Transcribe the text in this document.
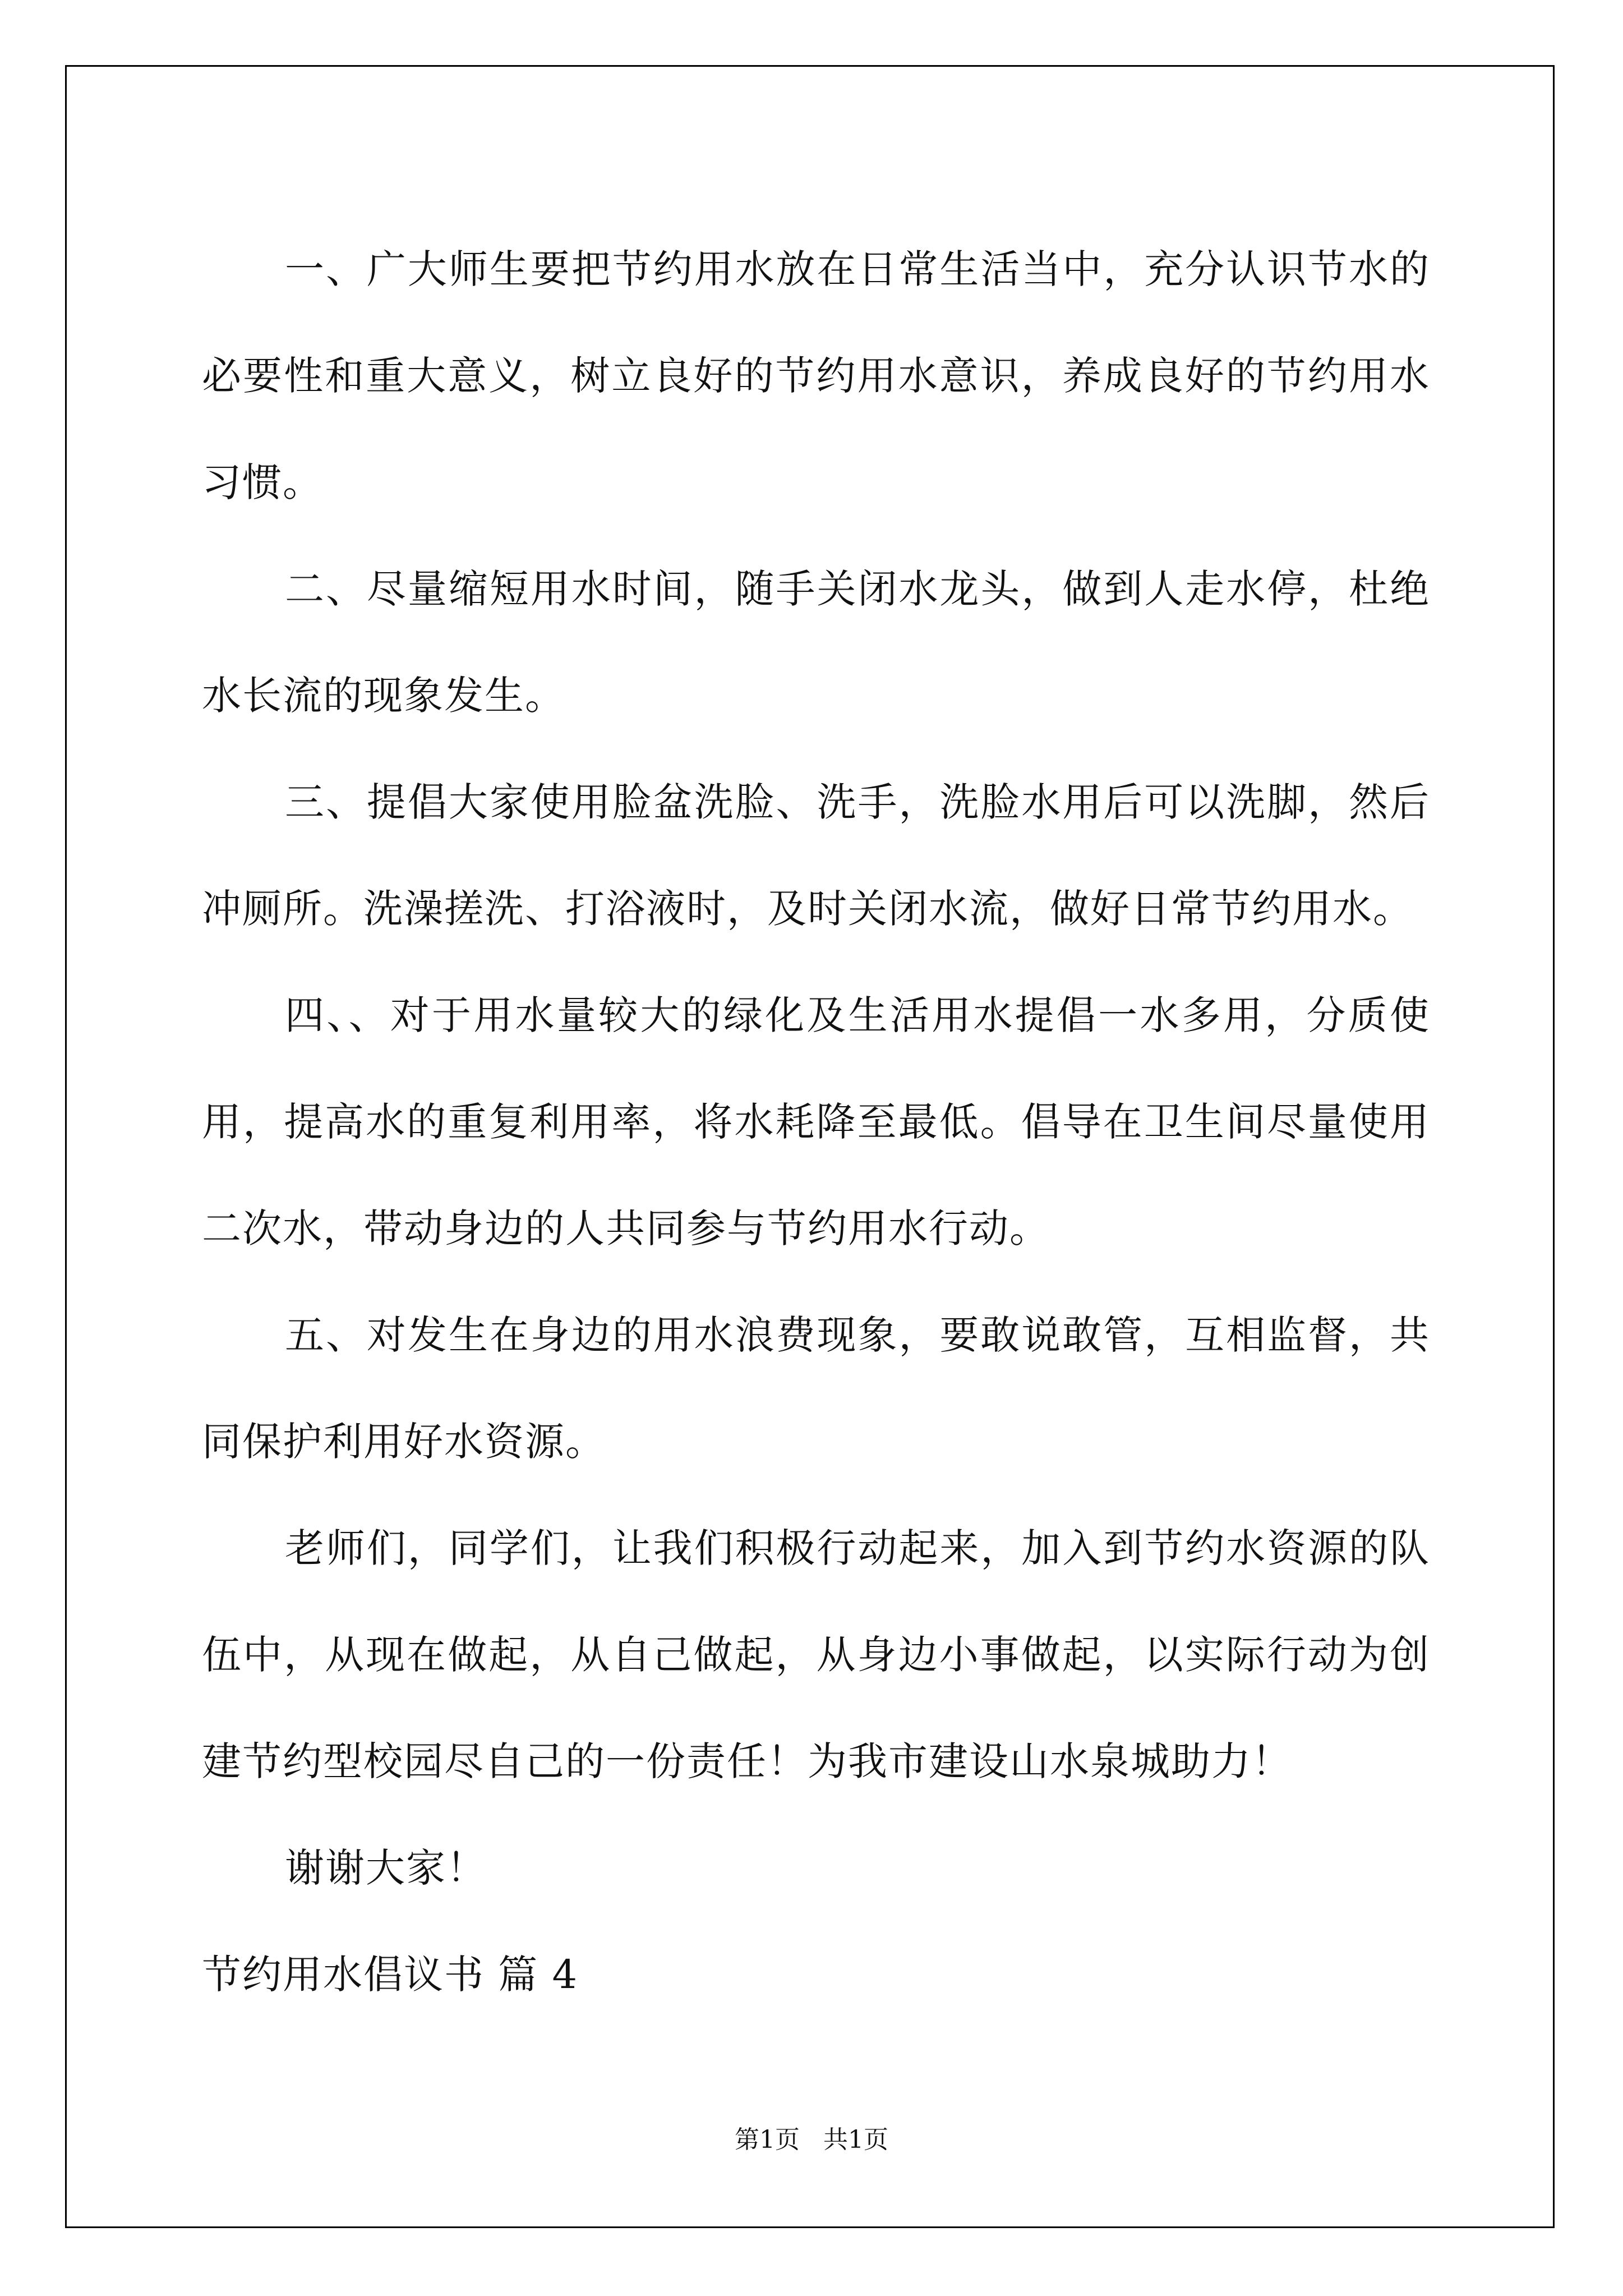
一、广大师生要把节约用水放在日常生活当中，充分认识节水的必要性和重大意义，树立良好的节约用水意识，养成良好的节约用水习惯。

二、尽量缩短用水时间，随手关闭水龙头，做到人走水停，杜绝水长流的现象发生。

三、提倡大家使用脸盆洗脸、洗手，洗脸水用后可以洗脚，然后冲厕所。洗澡搓洗、打浴液时，及时关闭水流，做好日常节约用水。

四、、对于用水量较大的绿化及生活用水提倡一水多用，分质使用，提高水的重复利用率，将水耗降至最低。倡导在卫生间尽量使用二次水，带动身边的人共同参与节约用水行动。

五、对发生在身边的用水浪费现象，要敢说敢管，互相监督，共同保护利用好水资源。

老师们，同学们，让我们积极行动起来，加入到节约水资源的队伍中，从现在做起，从自己做起，从身边小事做起，以实际行动为创建节约型校园尽自己的一份责任！为我市建设山水泉城助力！

谢谢大家！

节约用水倡议书 篇 4

第1页 共1页
